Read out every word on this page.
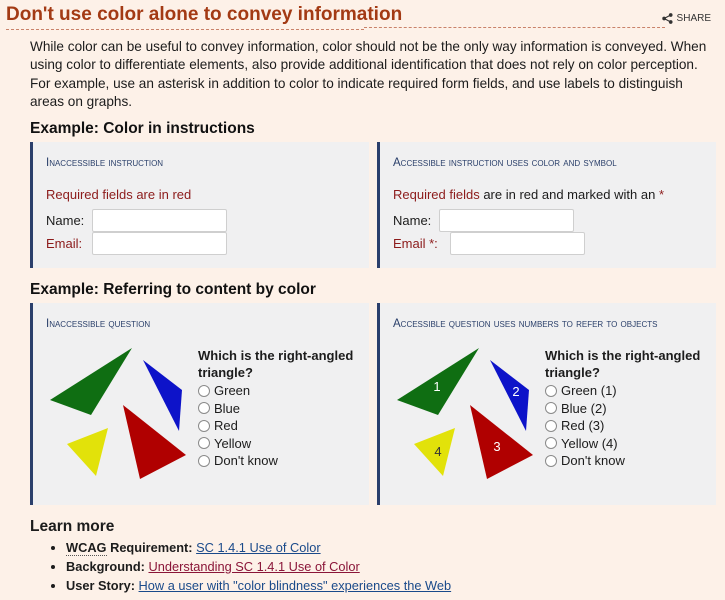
Don't use color alone to convey information	SHARE

While color can be useful to convey information, color should not be the only way information is conveyed. When using color to differentiate elements, also provide additional identification that does not rely on color perception. For example, use an asterisk in addition to color to indicate required form fields, and use labels to distinguish areas on graphs.

Example: Color in instructions
Inaccessible instruction
Required fields are in red
Name:
Email:
Accessible instruction uses color and symbol
Required fields are in red and marked with an *
Name:
Email *:
Example: Referring to content by color
Inaccessible question
Which is the right-angled triangle?
Green
Blue
Red
Yellow
Don't know
Accessible question uses numbers to refer to objects
1	2
3
4
Which is the right-angled triangle?
Green (1)
Blue (2)
Red (3)
Yellow (4)
Don't know
Learn more
• WCAG Requirement: SC 1.4.1 Use of Color
• Background: Understanding SC 1.4.1 Use of Color
• User Story: How a user with "color blindness" experiences the Web
